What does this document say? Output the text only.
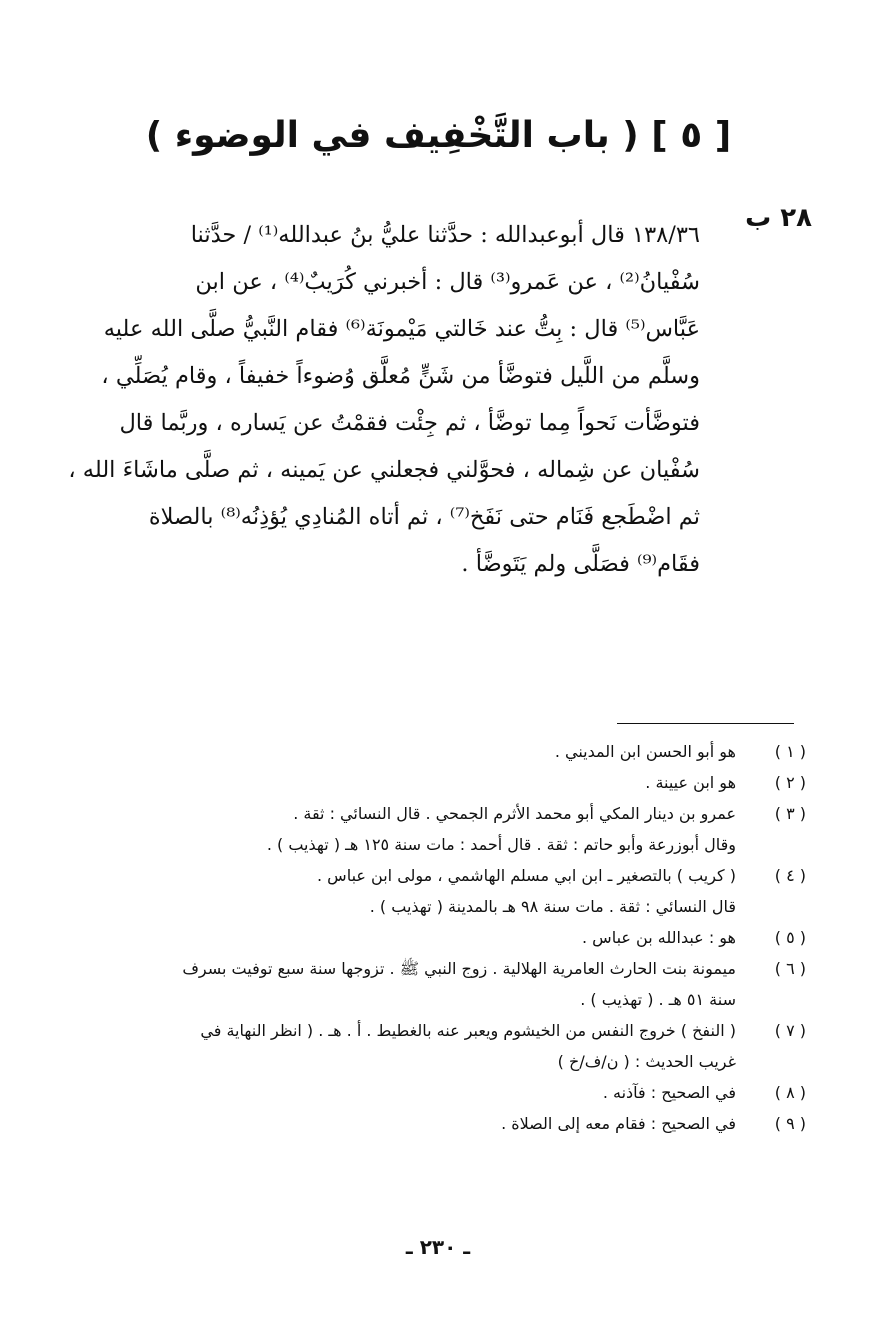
[ ٥ ] ( باب التَّخْفِيف في الوضوء )
٢٨ ب
١٣٨/٣٦ قال أبوعبدالله : حدَّثنا عليُّ بنُ عبدالله⁽¹⁾ / حدَّثنا
سُفْيانُ⁽²⁾ ، عن عَمرو⁽³⁾ قال : أخبرني كُرَيبٌ⁽⁴⁾ ، عن ابن
عَبَّاس⁽⁵⁾ قال : بِتُّ عند خَالتي مَيْمونَة⁽⁶⁾ فقام النَّبيُّ صلَّى الله عليه
وسلَّم من اللَّيل فتوضَّأ من شَنٍّ مُعلَّق وُضوءاً خفيفاً ، وقام يُصَلِّي ،
فتوضَّأت نَحواً مِما توضَّأ ، ثم جِئْت فقمْتُ عن يَساره ، وربَّما قال
سُفْيان عن شِماله ، فحوَّلني فجعلني عن يَمينه ، ثم صلَّى ماشَاءَ الله ،
ثم اضْطَجع فَنَام حتى نَفَخ⁽⁷⁾ ، ثم أتاه المُنادِي يُؤذِنُه⁽⁸⁾ بالصلاة
فقَام⁽⁹⁾ فصَلَّى ولم يَتَوضَّأ .
( ١ )
هو أبو الحسن ابن المديني .
( ٢ )
هو ابن عيينة .
( ٣ )
عمرو بن دينار المكي أبو محمد الأثرم الجمحي . قال النسائي : ثقة .
وقال أبوزرعة وأبو حاتم : ثقة . قال أحمد : مات سنة ١٢٥ هـ ( تهذيب ) .
( ٤ )
( كريب ) بالتصغير ـ ابن ابي مسلم الهاشمي ، مولى ابن عباس .
قال النسائي : ثقة . مات سنة ٩٨ هـ بالمدينة ( تهذيب ) .
( ٥ )
هو : عبدالله بن عباس .
( ٦ )
ميمونة بنت الحارث العامرية الهلالية . زوج النبي ﷺ . تزوجها سنة سبع توفيت بسرف
سنة ٥١ هـ . ( تهذيب ) .
( ٧ )
( النفخ ) خروج النفس من الخيشوم ويعبر عنه بالغطيط . أ . هـ . ( انظر النهاية في
غريب الحديث : ( ن/ف/خ )
( ٨ )
في الصحيح : فآذنه .
( ٩ )
في الصحيح : فقام معه إلى الصلاة .
ـ ٢٣٠ ـ
